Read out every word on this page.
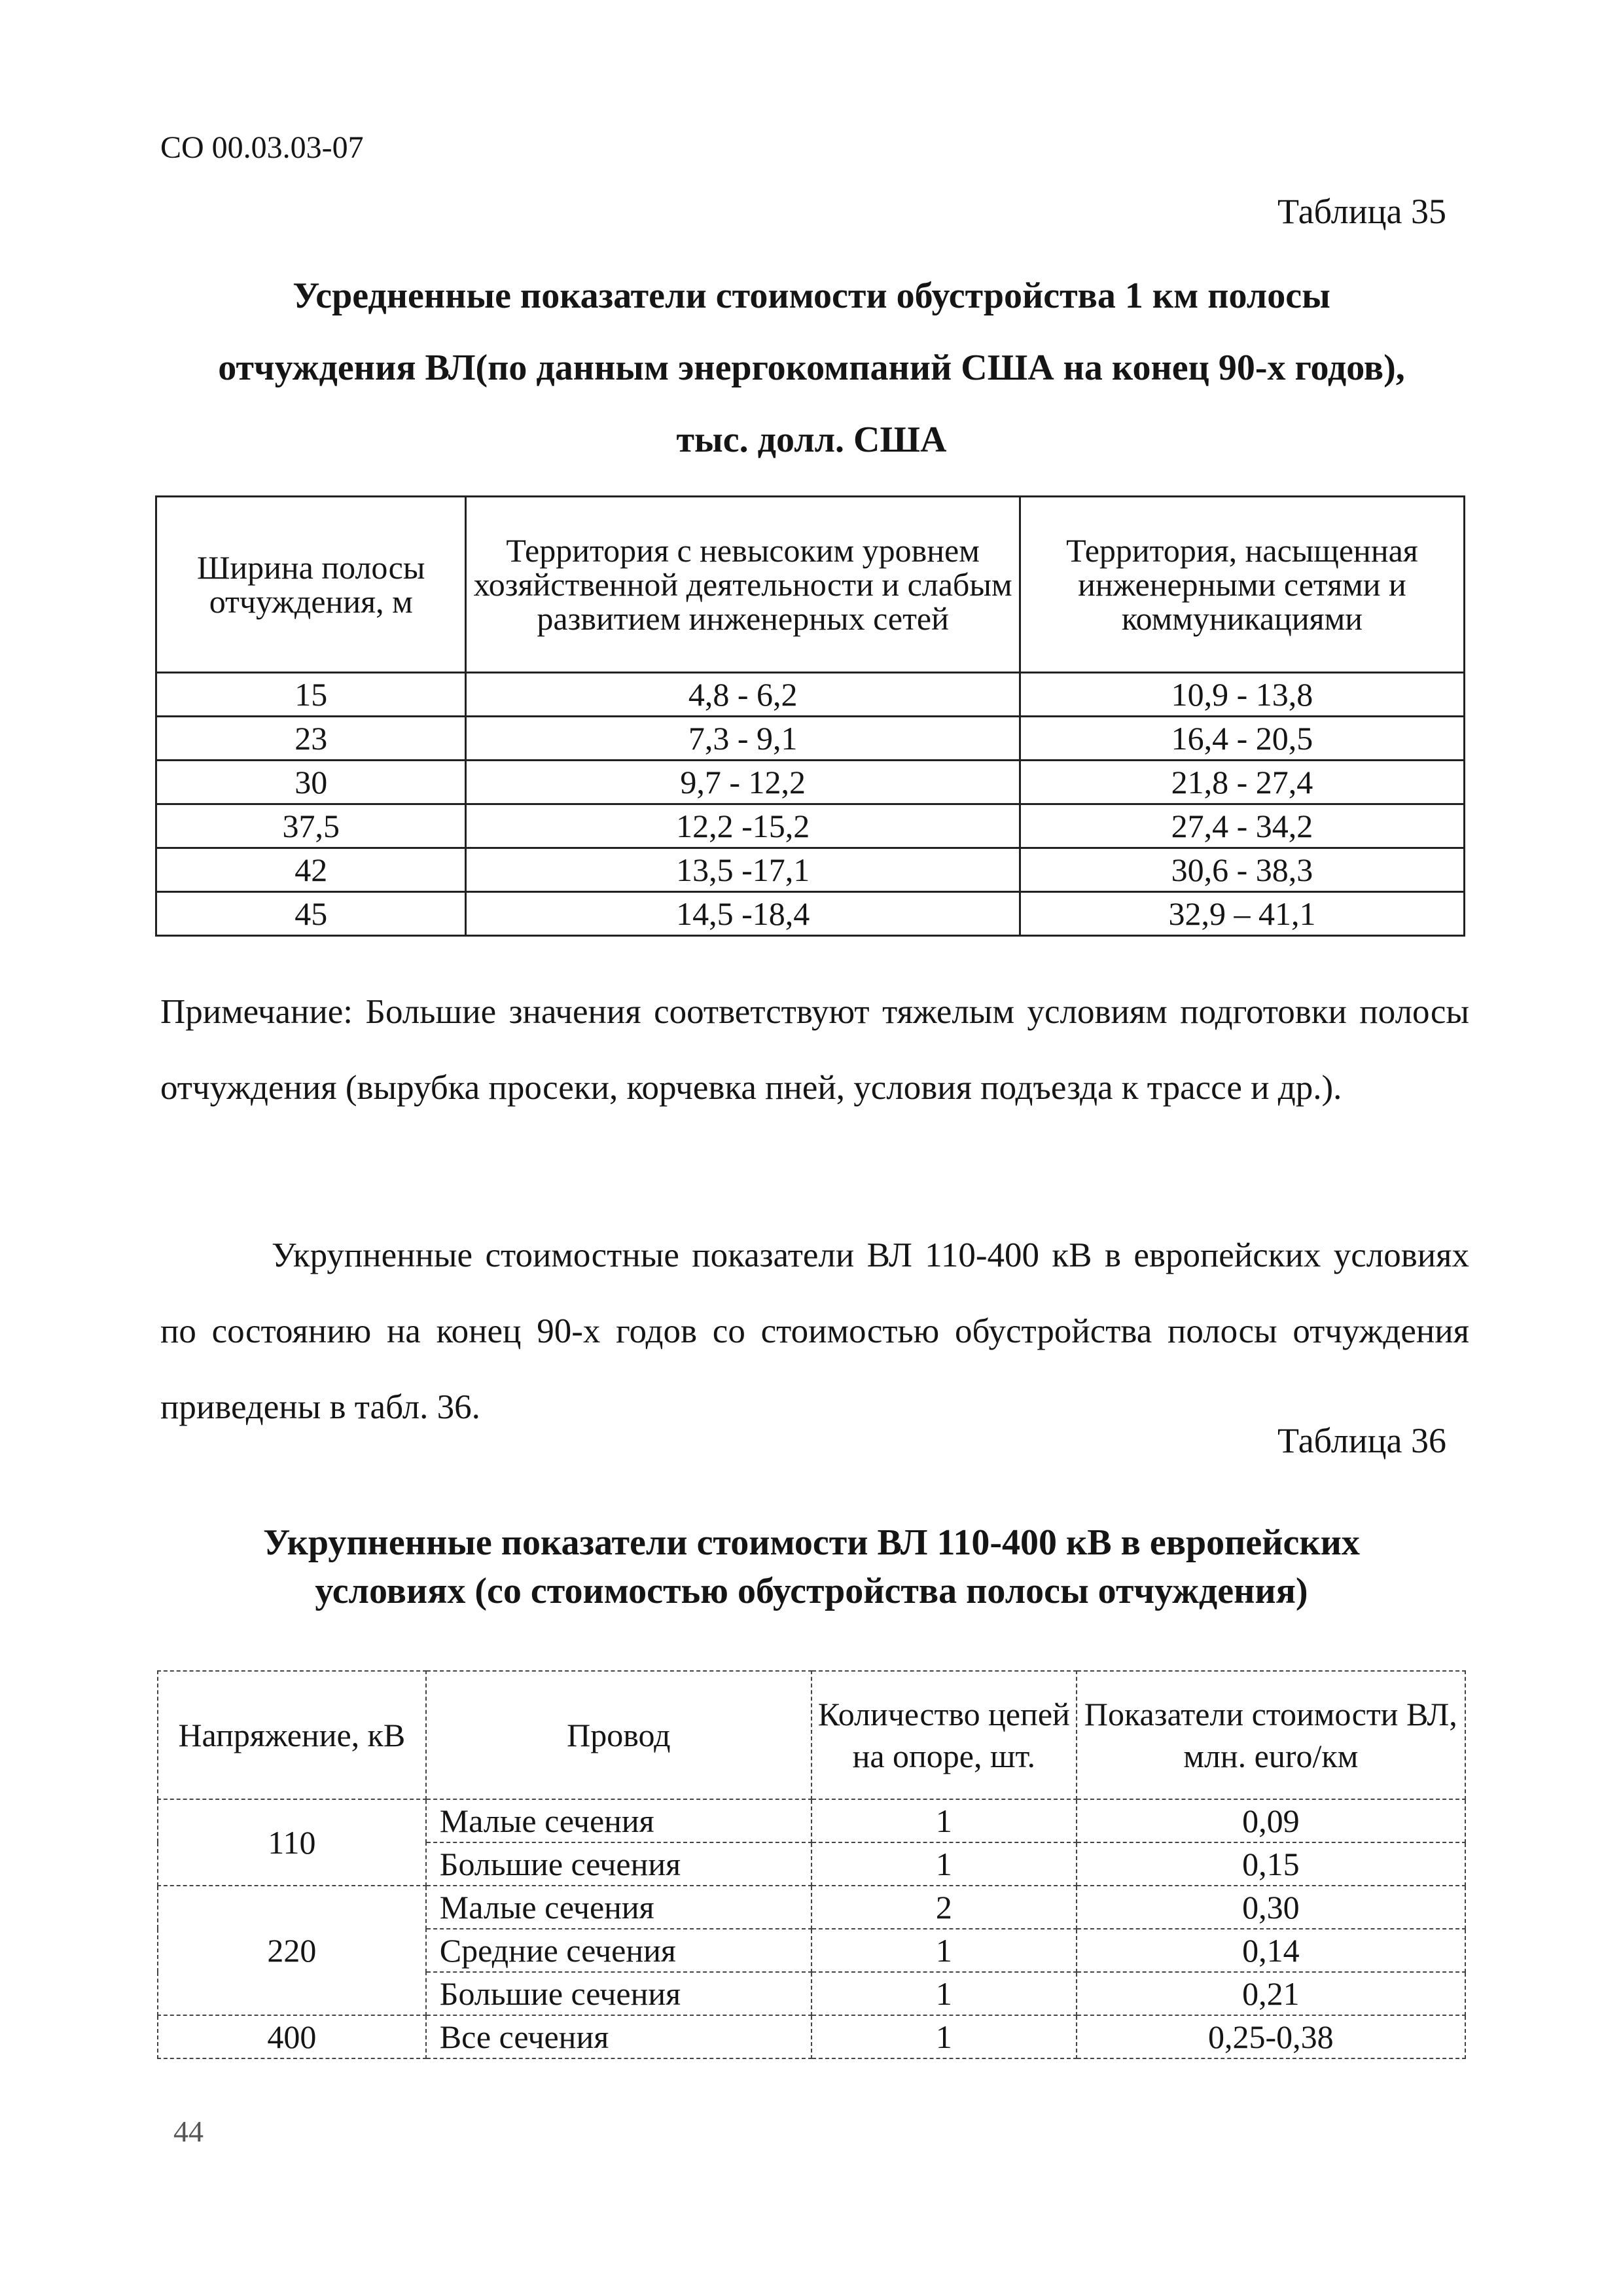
СО 00.03.03-07
Таблица 35
Усредненные показатели стоимости обустройства 1 км полосы
отчуждения ВЛ(по данным энергокомпаний США на конец 90-х годов),
тыс. долл. США
Ширина полосы отчуждения, м	Территория с невысоким уровнем хозяйственной деятельности и слабым развитием инженерных сетей	Территория, насыщенная инженерными сетями и коммуникациями
15	4,8 - 6,2	10,9 - 13,8
23	7,3 - 9,1	16,4 - 20,5
30	9,7 - 12,2	21,8 - 27,4
37,5	12,2 -15,2	27,4 - 34,2
42	13,5 -17,1	30,6 - 38,3
45	14,5 -18,4	32,9 – 41,1
Примечание: Большие значения соответствуют тяжелым условиям подготовки полосы отчуждения (вырубка просеки, корчевка пней, условия подъезда к трассе и др.).
Укрупненные стоимостные показатели ВЛ 110-400 кВ в европейских условиях по состоянию на конец 90-х годов со стоимостью обустройства полосы отчуждения приведены в табл. 36.
Таблица 36
Укрупненные показатели стоимости ВЛ 110-400 кВ в европейских
условиях (со стоимостью обустройства полосы отчуждения)
Напряжение, кВ	Провод	Количество цепей на опоре, шт.	Показатели стоимости ВЛ, млн. euro/км
110	Малые сечения	1	0,09
	Большие сечения	1	0,15
220	Малые сечения	2	0,30
	Средние сечения	1	0,14
	Большие сечения	1	0,21
400	Все сечения	1	0,25-0,38
44
